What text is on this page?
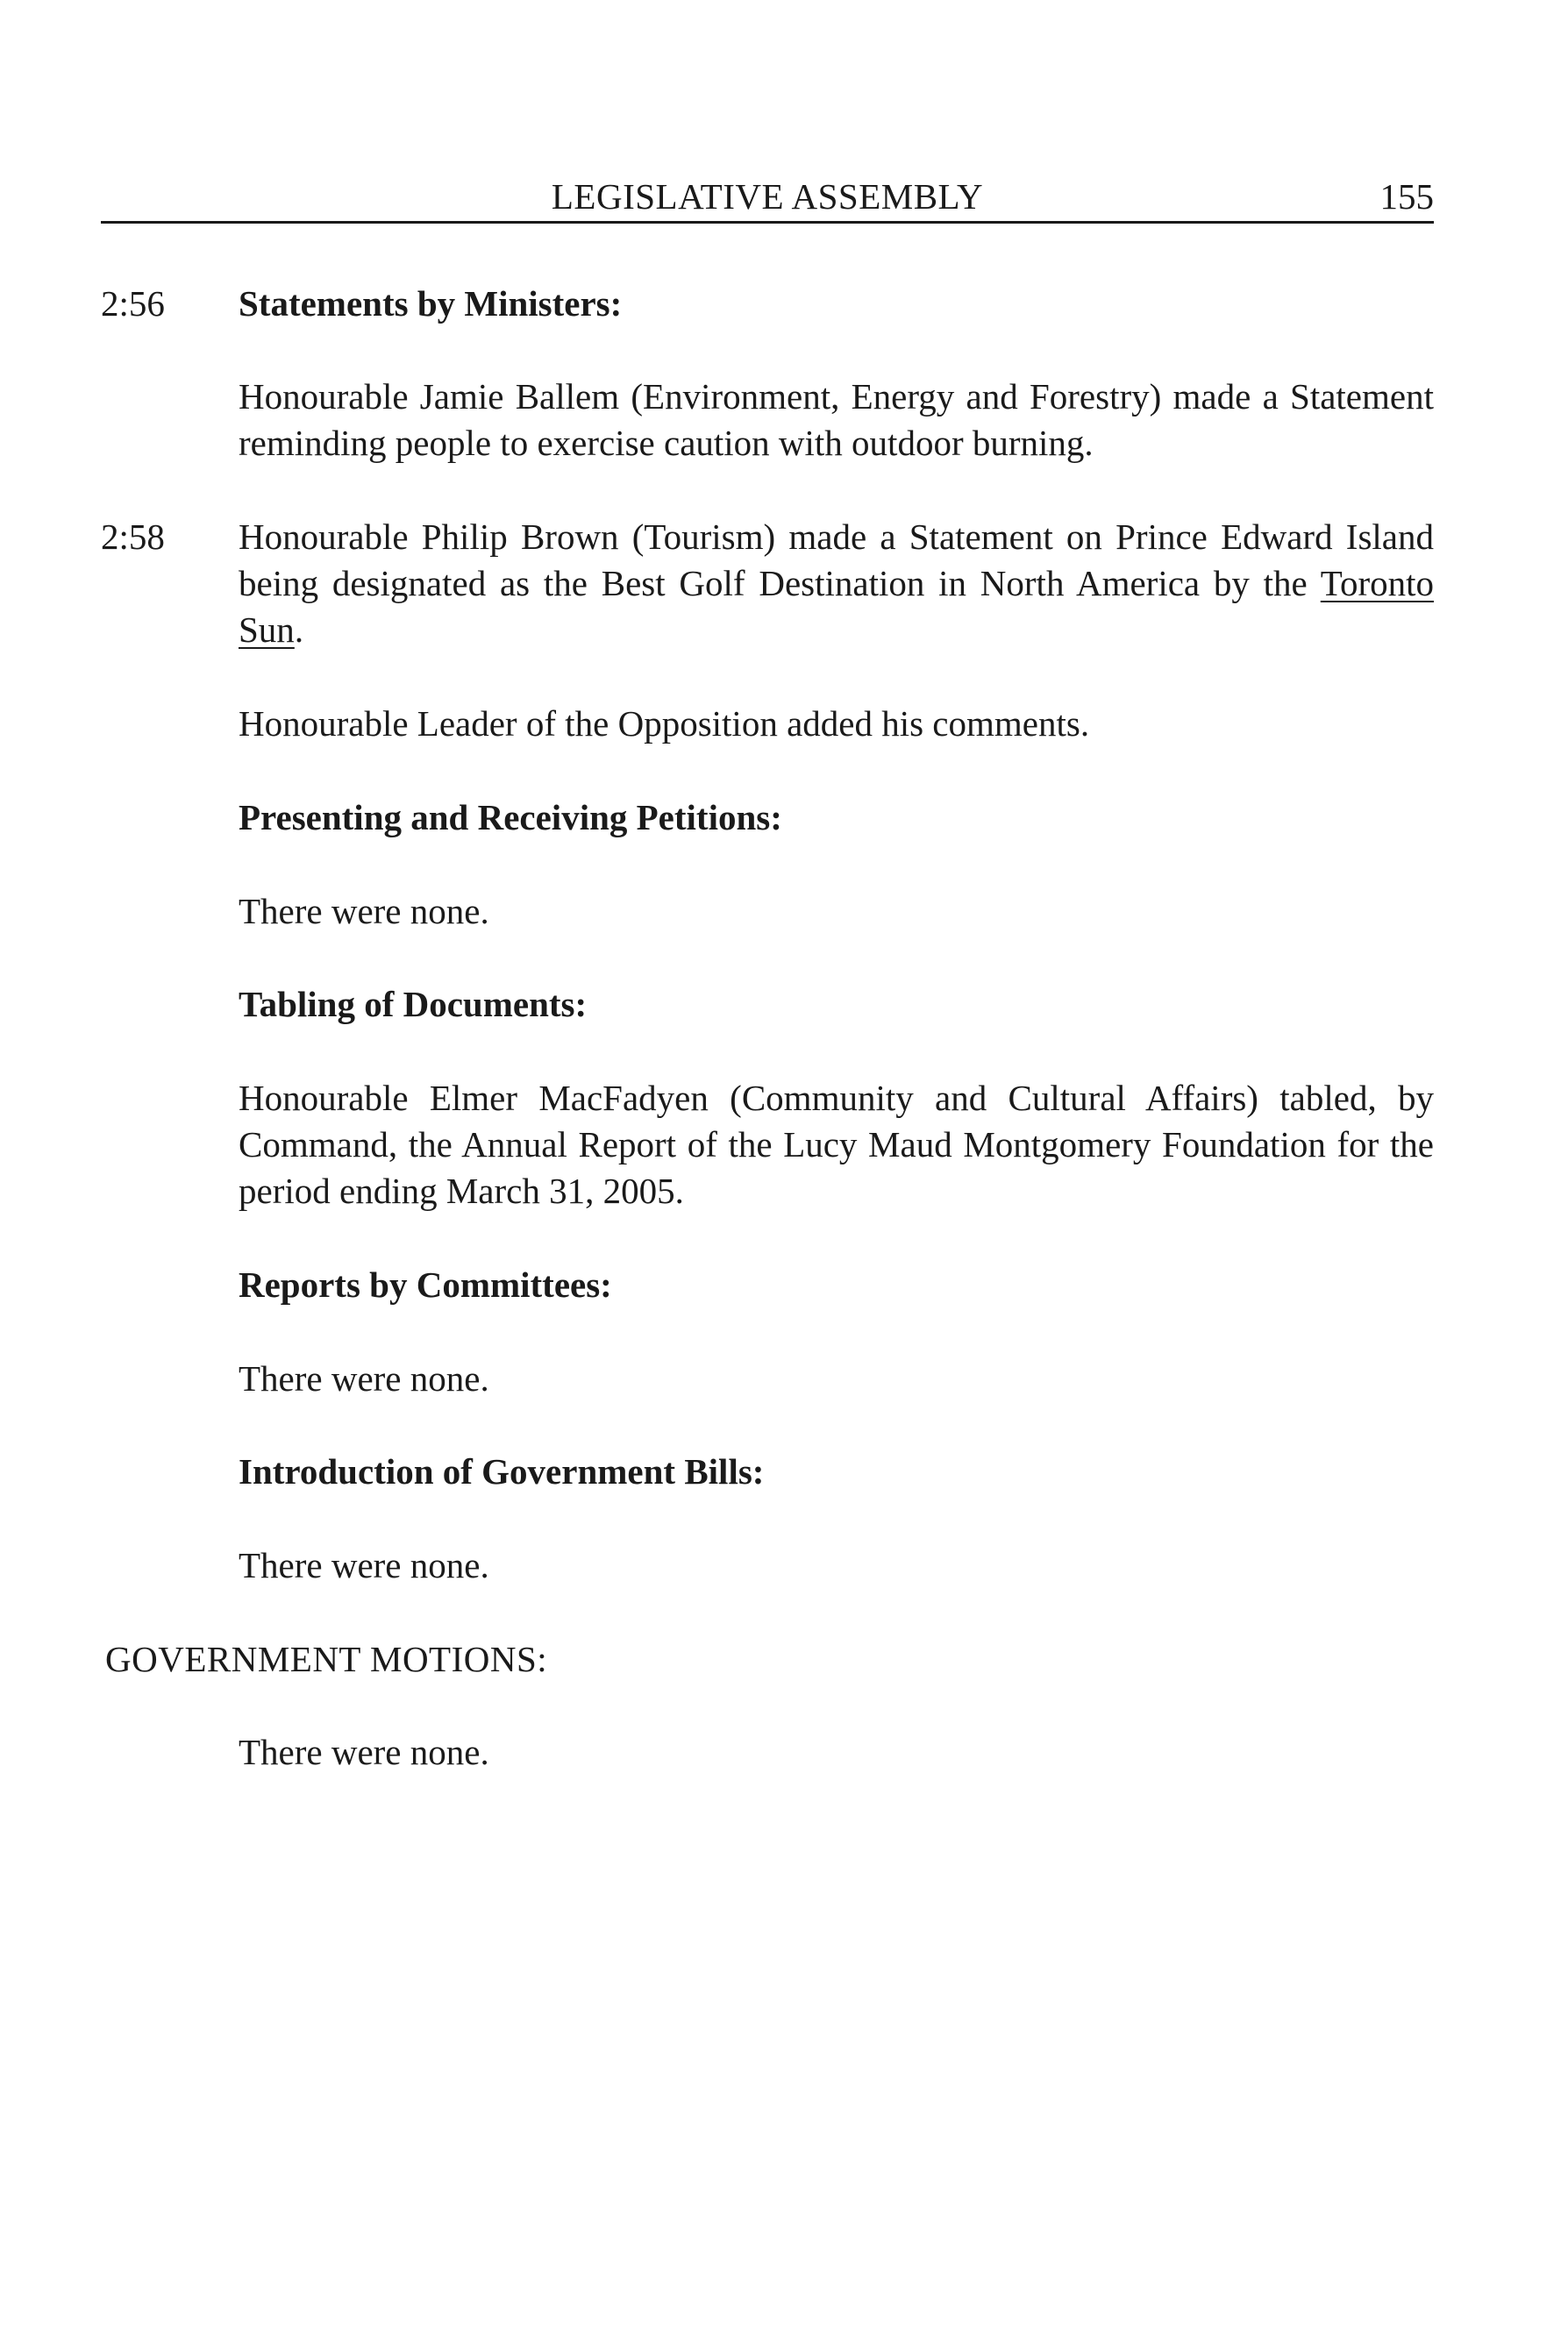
LEGISLATIVE ASSEMBLY	155
2:56 Statements by Ministers:
Honourable Jamie Ballem (Environment, Energy and Forestry) made a Statement reminding people to exercise caution with outdoor burning.
2:58 Honourable Philip Brown (Tourism) made a Statement on Prince Edward Island being designated as the Best Golf Destination in North America by the Toronto Sun.
Honourable Leader of the Opposition added his comments.
Presenting and Receiving Petitions:
There were none.
Tabling of Documents:
Honourable Elmer MacFadyen (Community and Cultural Affairs) tabled, by Command, the Annual Report of the Lucy Maud Montgomery Foundation for the period ending March 31, 2005.
Reports by Committees:
There were none.
Introduction of Government Bills:
There were none.
GOVERNMENT MOTIONS:
There were none.
